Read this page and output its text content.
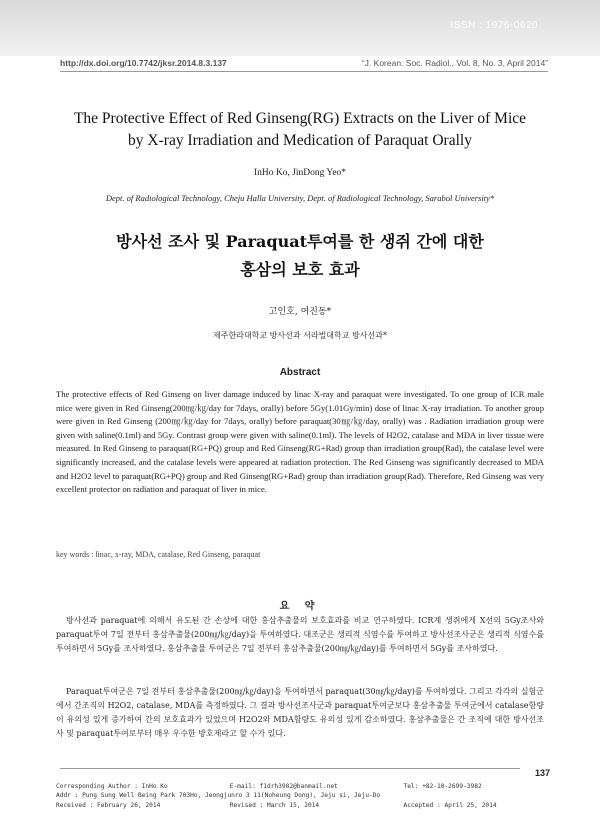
ISSN : 1976-0620
http://dx.doi.org/10.7742/jksr.2014.8.3.137	“J. Korean. Soc. Radiol., Vol. 8, No. 3, April 2014”
The Protective Effect of Red Ginseng(RG) Extracts on the Liver of Mice
by X-ray Irradiation and Medication of Paraquat Orally
InHo Ko, JinDong Yeo*
Dept. of Radiological Technology, Cheju Halla University, Dept. of Radiological Technology, Sarabol University*
방사선 조사 및 Paraquat투여를 한 생쥐 간에 대한
홍삼의 보호 효과
고인호, 여진동*
제주한라대학교 방사선과 서라벌대학교 방사선과*
Abstract

The protective effects of Red Ginseng on liver damage induced by linac X-ray and paraquat were investigated. To one group of ICR male mice were given in Red Ginseng(200㎎/㎏/day for 7days, orally) before 5Gy(1.01Gy/min) dose of linac X-ray irradiation. To another group were given in Red Ginseng (200㎎/㎏/day for 7days, orally) before paraquat(30㎎/㎏/day, orally) was . Radiation irradiation group were given with saline(0.1ml) and 5Gy. Contrast group were given with saline(0.1ml). The levels of H2O2, catalase and MDA in liver tissue were measured. In Red Ginseng to paraquat(RG+PQ) group and Red Ginseng(RG+Rad) group than irradiation group(Rad), the catalase level were significantly increased, and the catalase levels were appeared at radiation protection. The Red Ginseng was significantly decreased to MDA and H2O2 level to paraquat(RG+PQ) group and Red Ginseng(RG+Rad) group than irradiation group(Rad). Therefore, Red Ginseng was very excellent protector on radiation and paraquat of liver in mice.

key words : linac, x-ray, MDA, catalase, Red Ginseng, paraquat
요 약

방사선과 paraquat에 의해서 유도된 간 손상에 대한 홍삼추출물의 보호효과를 비교 연구하였다. ICR계 생쥐에게 X선의 5Gy조사와 paraquat투여 7일 전부터 홍삼추출물(200㎎/㎏/day)을 투여하였다. 대조군은 생리적 식염수를 투여하고 방사선조사군은 생리적 식염수를 투여하면서 5Gy를 조사하였다. 홍삼추출물 투여군은 7일 전부터 홍삼추출물(200㎎/㎏/day)를 투여하면서 5Gy를 조사하였다.

Paraquat투여군은 7일 전부터 홍삼추출물(200㎎/㎏/day)을 투여하면서 paraquat(30㎎/㎏/day)를 투여하였다. 그리고 각각의 실험군에서 간조직의 H2O2, catalase, MDA를 측정하였다. 그 결과 방사선조사군과 paraquat투여군보다 홍삼추출물 투여군에서 catalase함량이 유의성 있게 증가하여 간의 보호효과가 있었으며 H2O2와 MDA함량도 유의성 있게 감소하였다. 홍삼추출물은 간 조직에 대한 방사선조사 및 paraquat투여로부터 매우 우수한 방호제라고 할 수가 있다.

137
Corresponding Author : InHo Ko	E-mail: f1drh3982@hanmail.net	Tel: +82-10-2699-3982
Addr : Pung Sung Well Being Park 703Ho, Jeongjunro 3 11(Noheung Dong), Jeju si, Jeju-Do
Received : February 26, 2014	Revised : March 15, 2014	Accepted : April 25, 2014
